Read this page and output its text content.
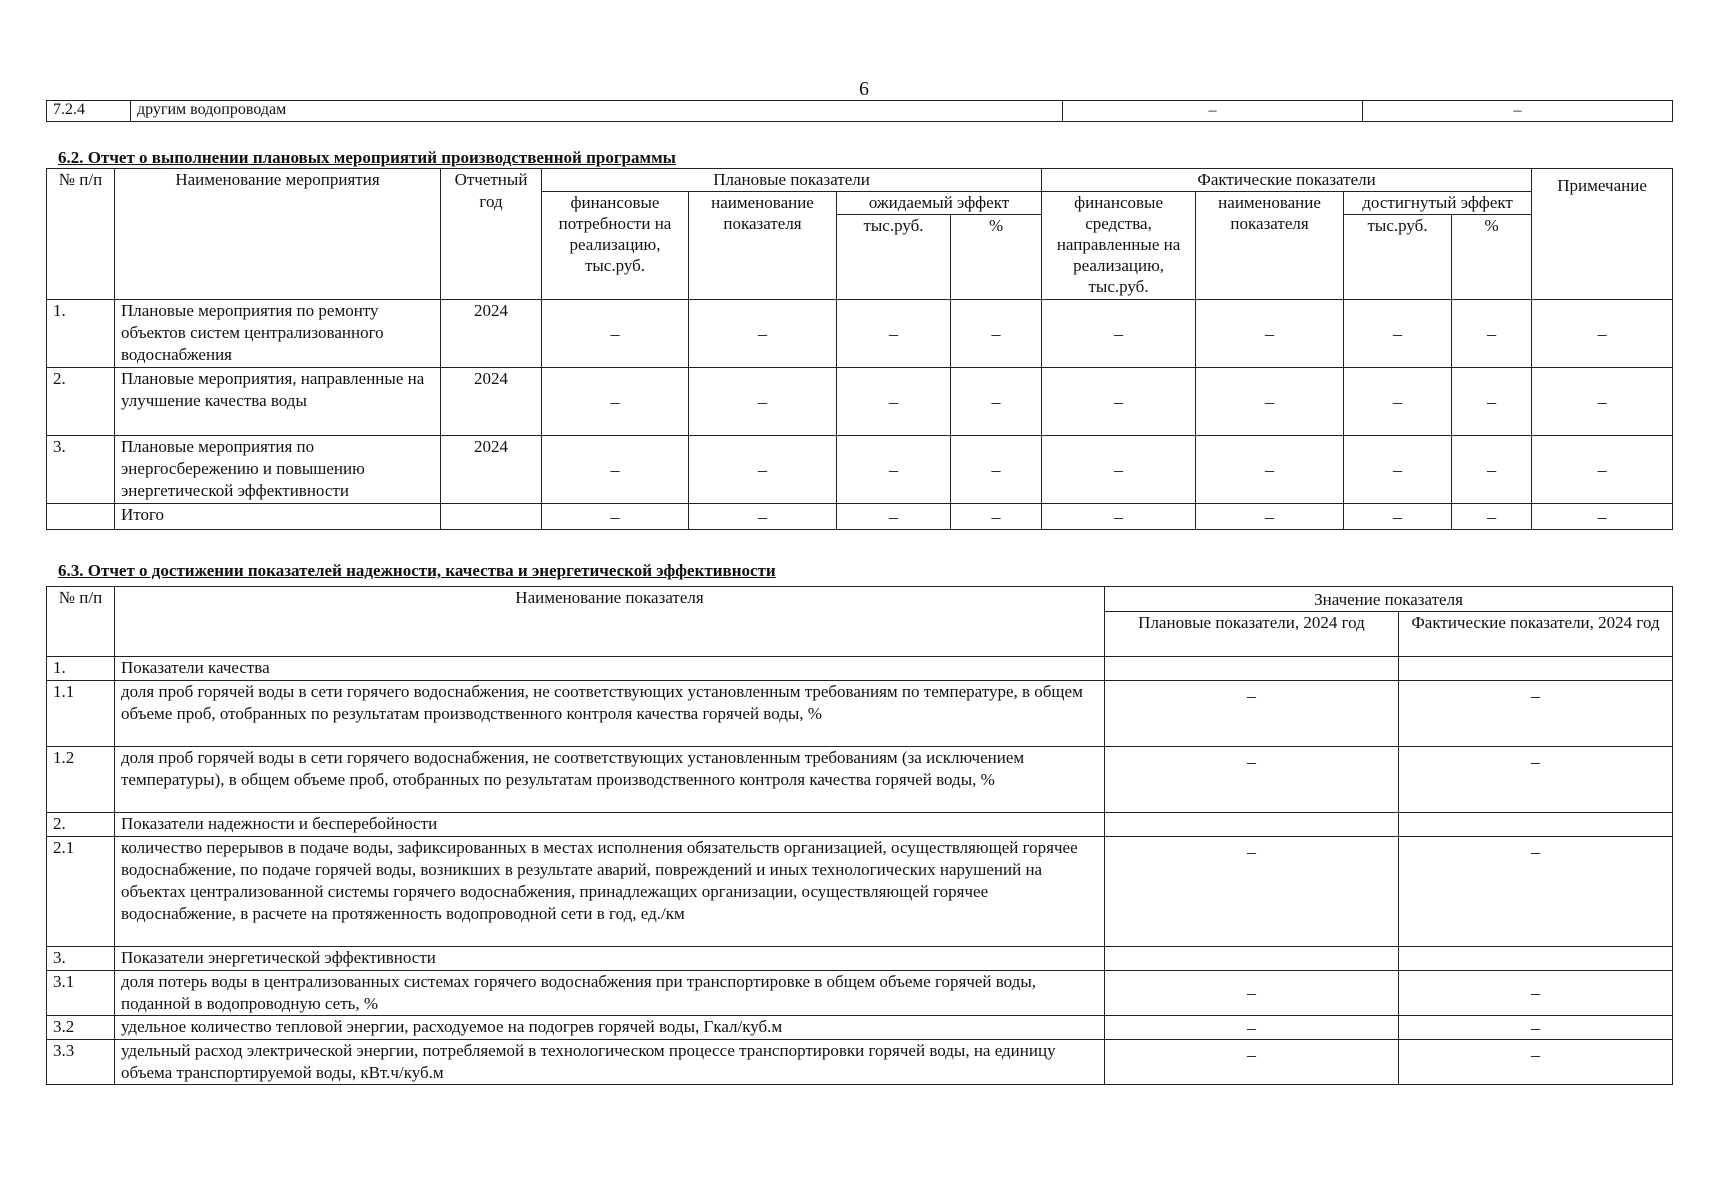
6
7.2.4	другим водопроводам	–	–
6.2. Отчет о выполнении плановых мероприятий производственной программы
№ п/п	Наименование мероприятия	Отчетный год	Плановые показатели				Фактические показатели				Примечание
			финансовые потребности на реализацию, тыс.руб.	наименование показателя	ожидаемый эффект		финансовые средства, направленные на реализацию, тыс.руб.	наименование показателя	достигнутый эффект		
					тыс.руб.	%			тыс.руб.	%	
1.	Плановые мероприятия по ремонту объектов систем централизованного водоснабжения	2024	–	–	–	–	–	–	–	–	–
2.	Плановые мероприятия, направленные на улучшение качества воды	2024	–	–	–	–	–	–	–	–	–
3.	Плановые мероприятия по энергосбережению и повышению энергетической эффективности	2024	–	–	–	–	–	–	–	–	–
	Итого		–	–	–	–	–	–	–	–	–
6.3. Отчет о достижении показателей надежности, качества и энергетической эффективности
№ п/п	Наименование показателя	Значение показателя	
		Плановые показатели, 2024 год	Фактические показатели, 2024 год
1.	Показатели качества		
1.1	доля проб горячей воды в сети горячего водоснабжения, не соответствующих установленным требованиям по температуре, в общем объеме проб, отобранных по результатам производственного контроля качества горячей воды, %	–	–
1.2	доля проб горячей воды в сети горячего водоснабжения, не соответствующих установленным требованиям (за исключением температуры), в общем объеме проб, отобранных по результатам производственного контроля качества горячей воды, %	–	–
2.	Показатели надежности и бесперебойности		
2.1	количество перерывов в подаче воды, зафиксированных в местах исполнения обязательств организацией, осуществляющей горячее водоснабжение, по подаче горячей воды, возникших в результате аварий, повреждений и иных технологических нарушений на объектах централизованной системы горячего водоснабжения, принадлежащих организации, осуществляющей горячее водоснабжение, в расчете на протяженность водопроводной сети в год, ед./км	–	–
3.	Показатели энергетической эффективности		
3.1	доля потерь воды в централизованных системах горячего водоснабжения при транспортировке в общем объеме горячей воды, поданной в водопроводную сеть, %	–	–
3.2	удельное количество тепловой энергии, расходуемое на подогрев горячей воды, Гкал/куб.м	–	–
3.3	удельный расход электрической энергии, потребляемой в технологическом процессе транспортировки горячей воды, на единицу объема транспортируемой воды, кВт.ч/куб.м	–	–
